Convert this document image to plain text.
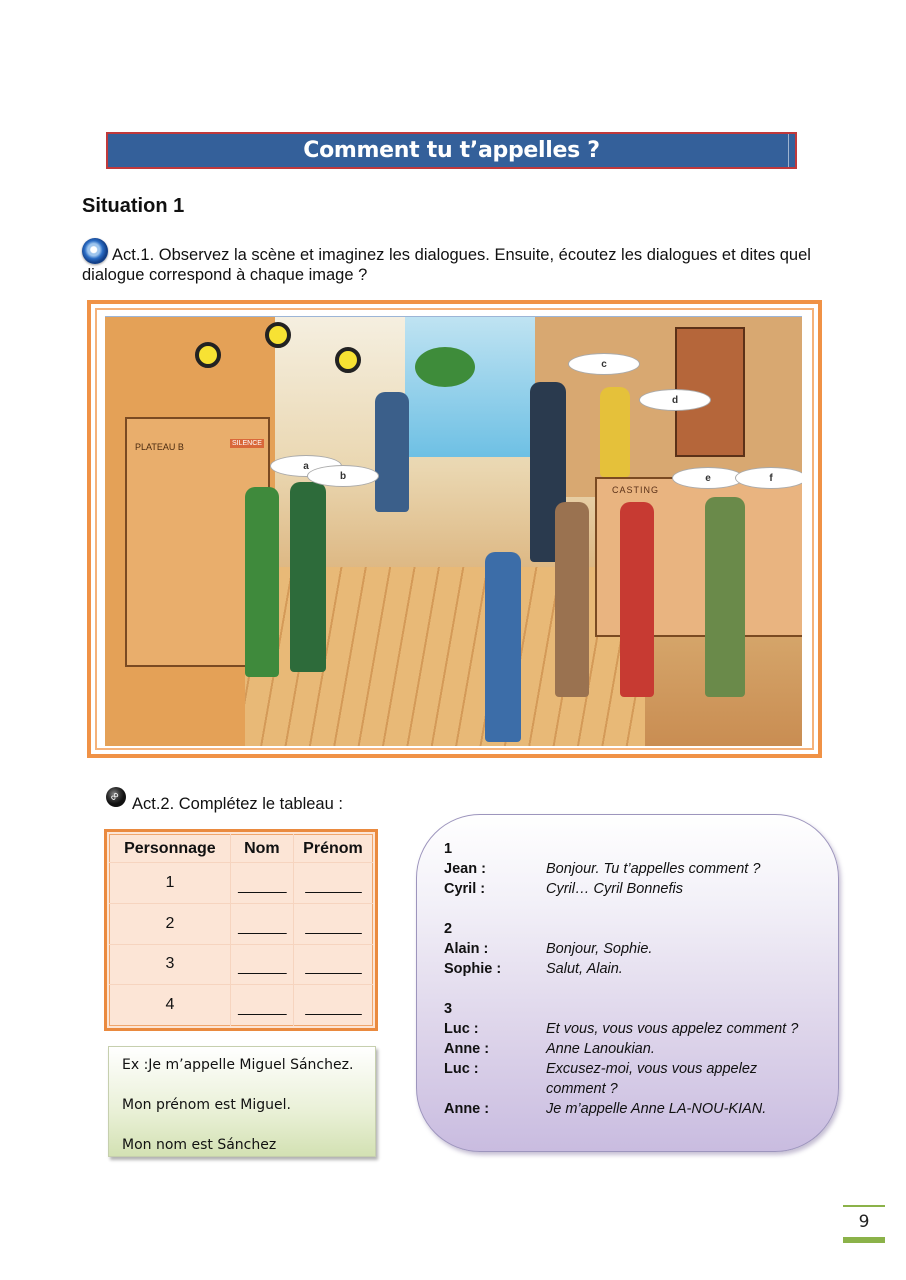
Comment tu t’appelles ?
Situation 1
Act.1. Observez la scène et imaginez les dialogues. Ensuite, écoutez les dialogues et dites quel dialogue correspond à chaque image ?
PLATEAU B	SILENCE
CASTING
a
b
c
d
e	f
∞Act.2. Complétez le tableau :
Personnage	Nom	Prénom
1	______	_______
2	______	_______
3	______	_______
4	______	_______
Ex :Je m’appelle Miguel Sánchez.
Mon prénom est Miguel.
Mon nom est Sánchez
1
Jean :	Bonjour. Tu t’appelles comment ?
Cyril :	Cyril… Cyril Bonnefis
2
Alain :	Bonjour, Sophie.
Sophie :	Salut, Alain.
3
Luc :	Et vous, vous vous appelez comment ?
Anne :	Anne Lanoukian.
Luc :	Excusez-moi, vous vous appelez comment ?
Anne :	Je m’appelle Anne LA-NOU-KIAN.
9
